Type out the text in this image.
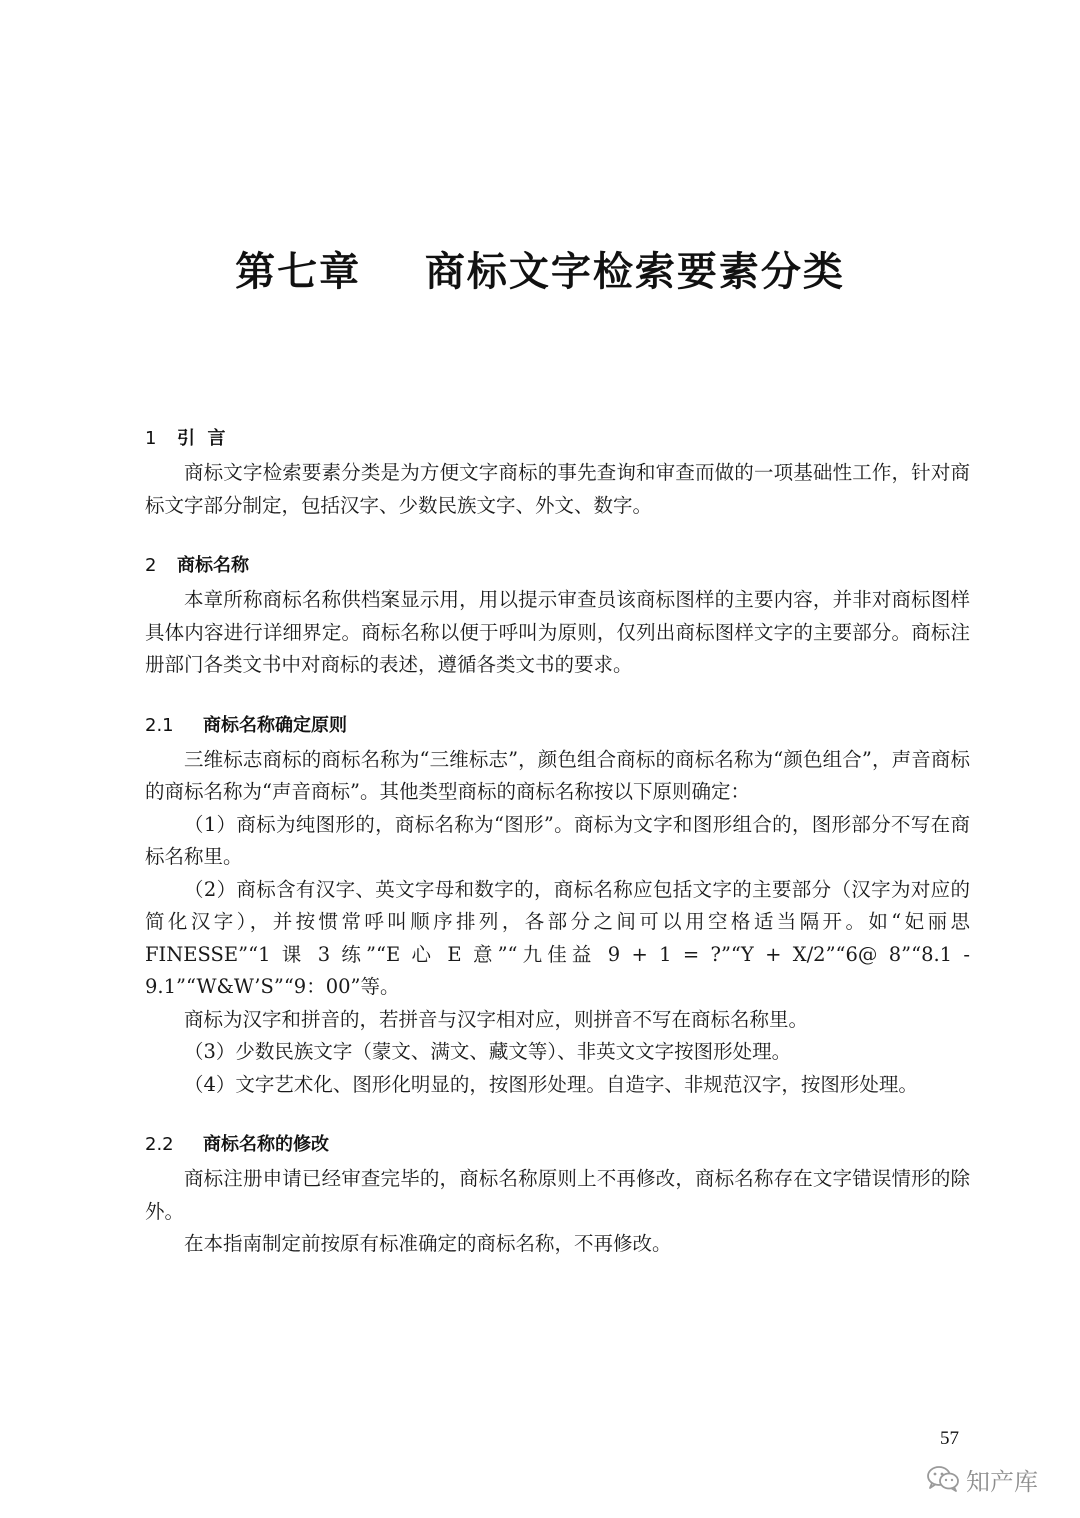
第七章    商标文字检索要素分类
1 引  言

商标文字检索要素分类是为方便文字商标的事先查询和审查而做的一项基础性工作，针对商标文字部分制定，包括汉字、少数民族文字、外文、数字。

2 商标名称

本章所称商标名称供档案显示用，用以提示审查员该商标图样的主要内容，并非对商标图样具体内容进行详细界定。商标名称以便于呼叫为原则，仅列出商标图样文字的主要部分。商标注册部门各类文书中对商标的表述，遵循各类文书的要求。

2.1 商标名称确定原则

三维标志商标的商标名称为“三维标志”，颜色组合商标的商标名称为“颜色组合”，声音商标的商标名称为“声音商标”。其他类型商标的商标名称按以下原则确定：

（1）商标为纯图形的，商标名称为“图形”。商标为文字和图形组合的，图形部分不写在商标名称里。

（2）商标含有汉字、英文字母和数字的，商标名称应包括文字的主要部分（汉字为对应的简化汉字），并按惯常呼叫顺序排列，各部分之间可以用空格适当隔开。如“妃丽思 FINESSE”“1 课 3 练”“E 心 E 意”“九佳益 9 + 1 = ?”“Y + X/2”“6@ 8”“8.1 - 9.1”“W&W’S”“9：00”等。

商标为汉字和拼音的，若拼音与汉字相对应，则拼音不写在商标名称里。

（3）少数民族文字（蒙文、满文、藏文等）、非英文文字按图形处理。

（4）文字艺术化、图形化明显的，按图形处理。自造字、非规范汉字，按图形处理。

2.2 商标名称的修改

商标注册申请已经审查完毕的，商标名称原则上不再修改，商标名称存在文字错误情形的除外。

在本指南制定前按原有标准确定的商标名称，不再修改。

57
知产库
